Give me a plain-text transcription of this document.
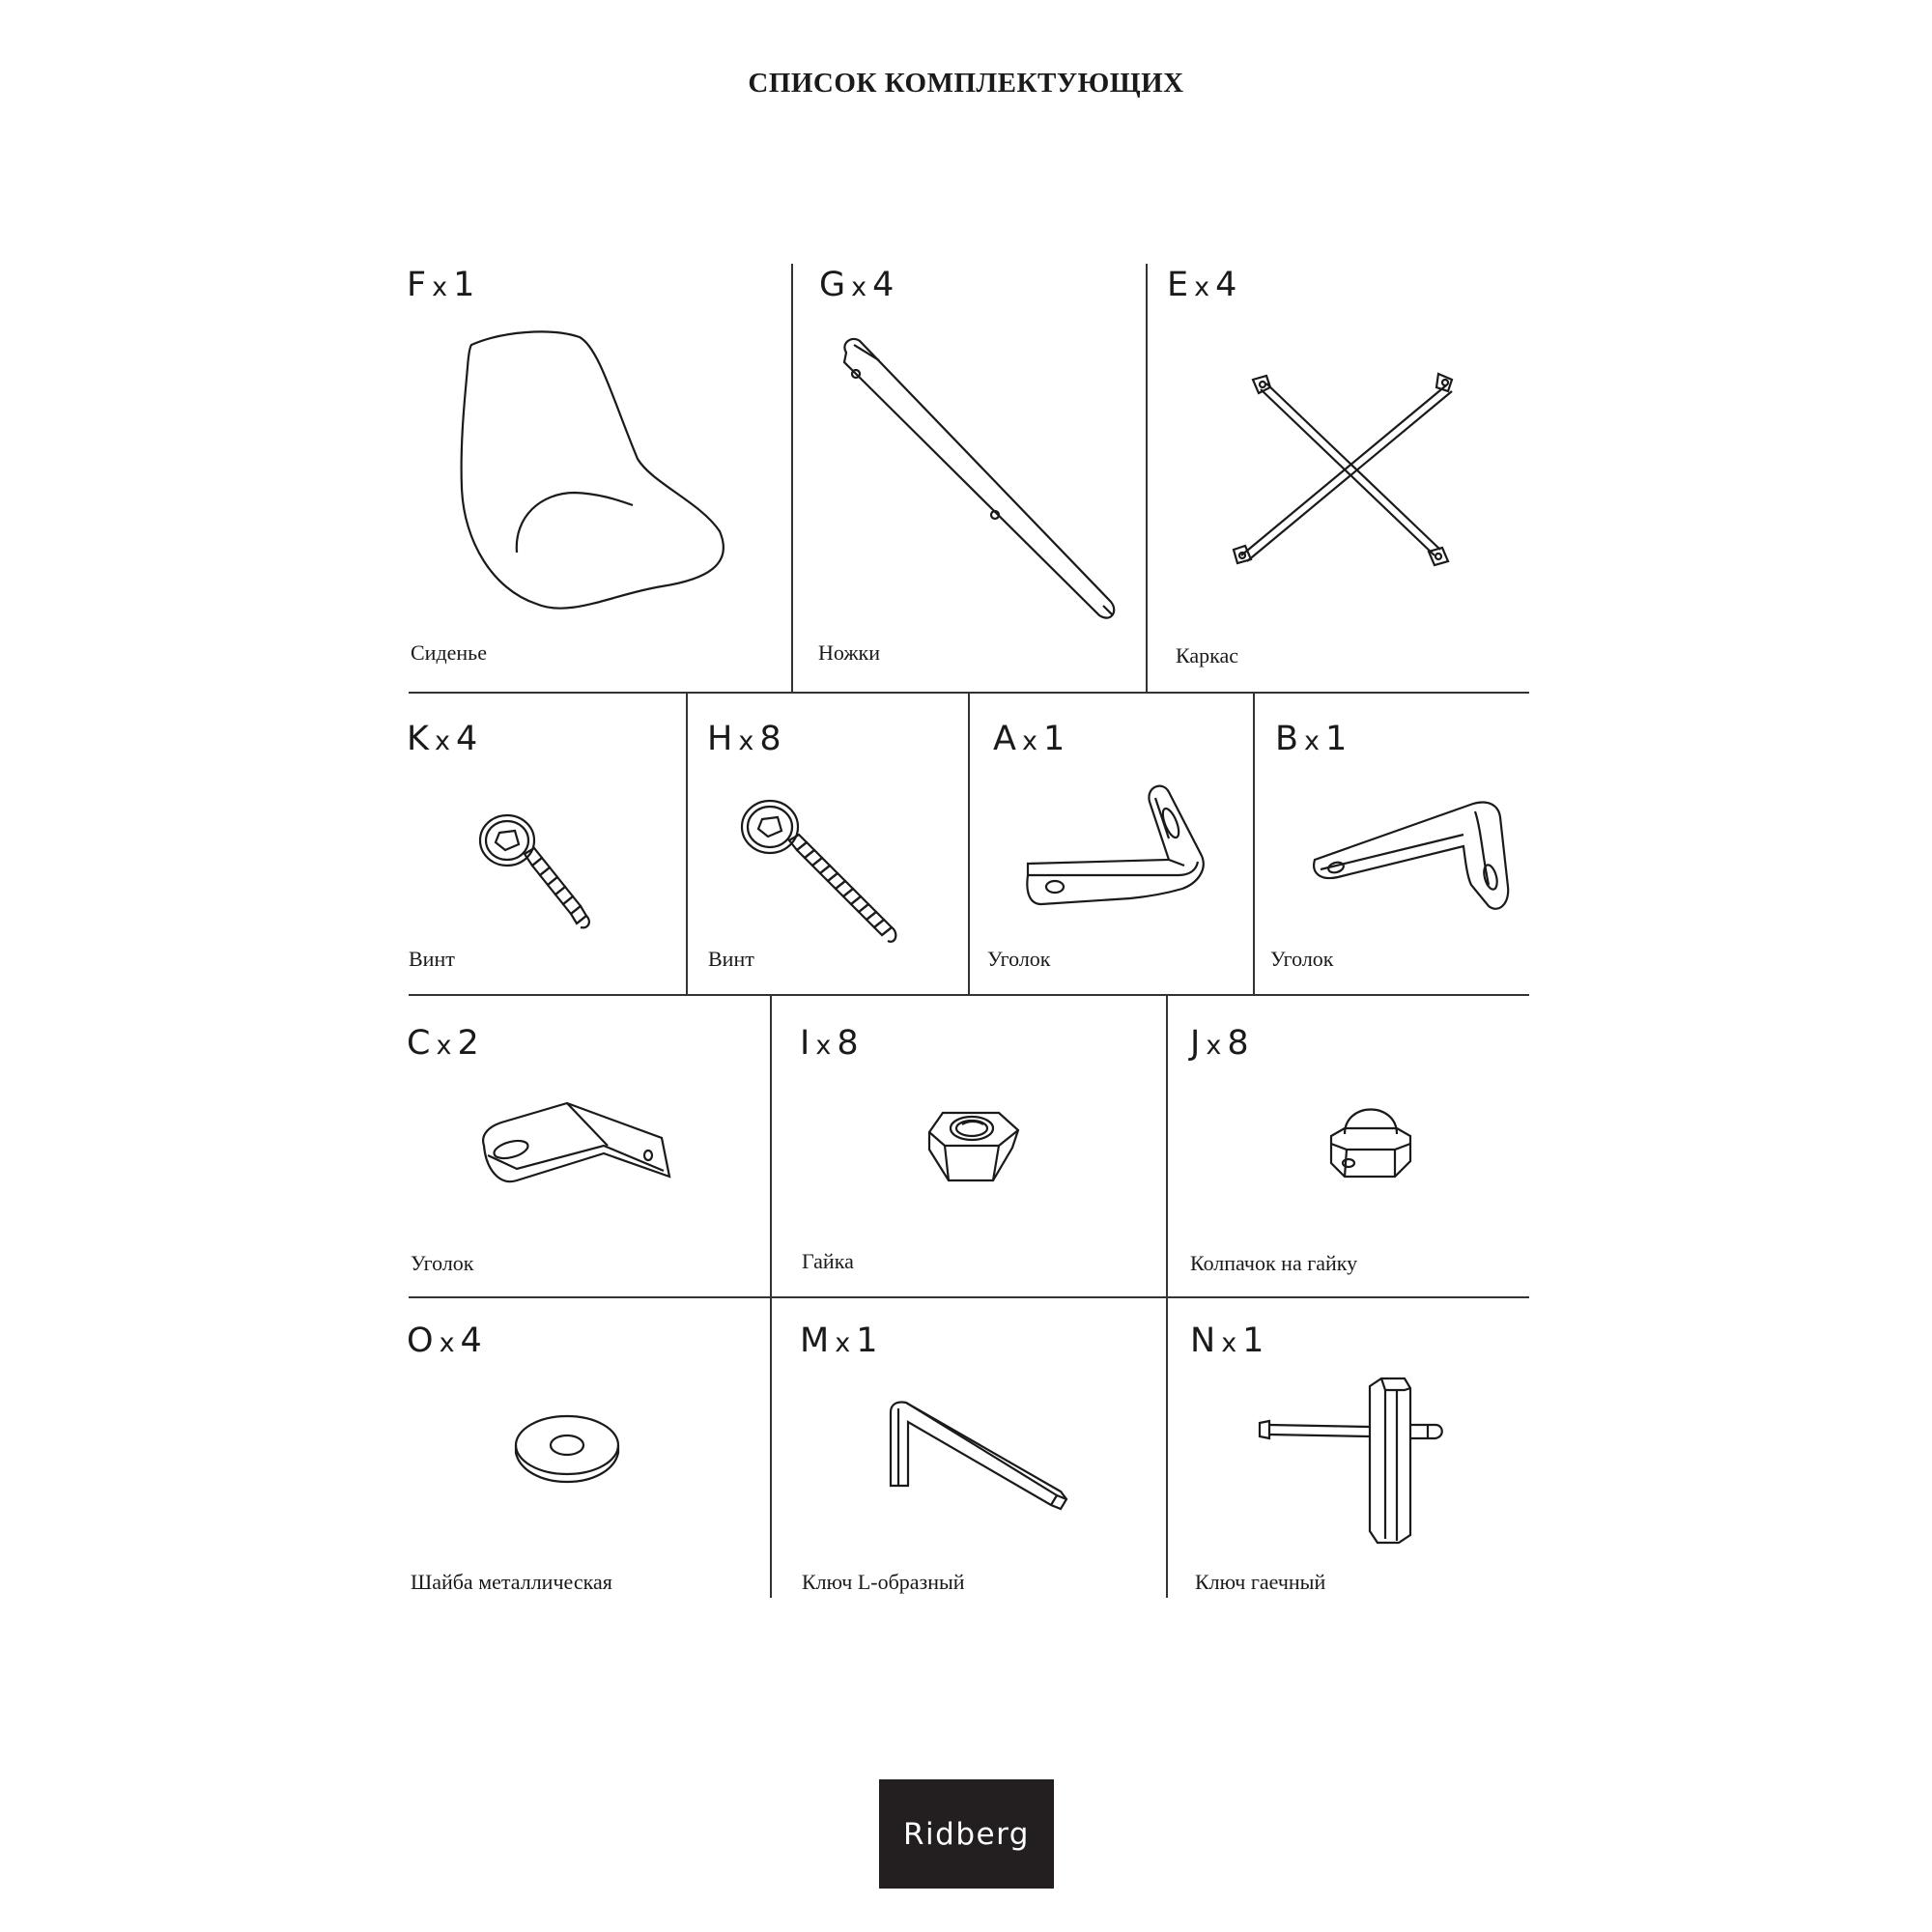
СПИСОК КОМПЛЕКТУЮЩИХ
F x 1
Сиденье
G x 4
Ножки
E x 4
Каркас
K x 4
Винт
H x 8
Винт
A x 1
Уголок
B x 1
Уголок
C x 2
Уголок
I x 8
Гайка
J x 8
Колпачок на гайку
O x 4
Шайба металлическая
M x 1
Ключ L-образный
N x 1
Ключ гаечный
Ridberg
